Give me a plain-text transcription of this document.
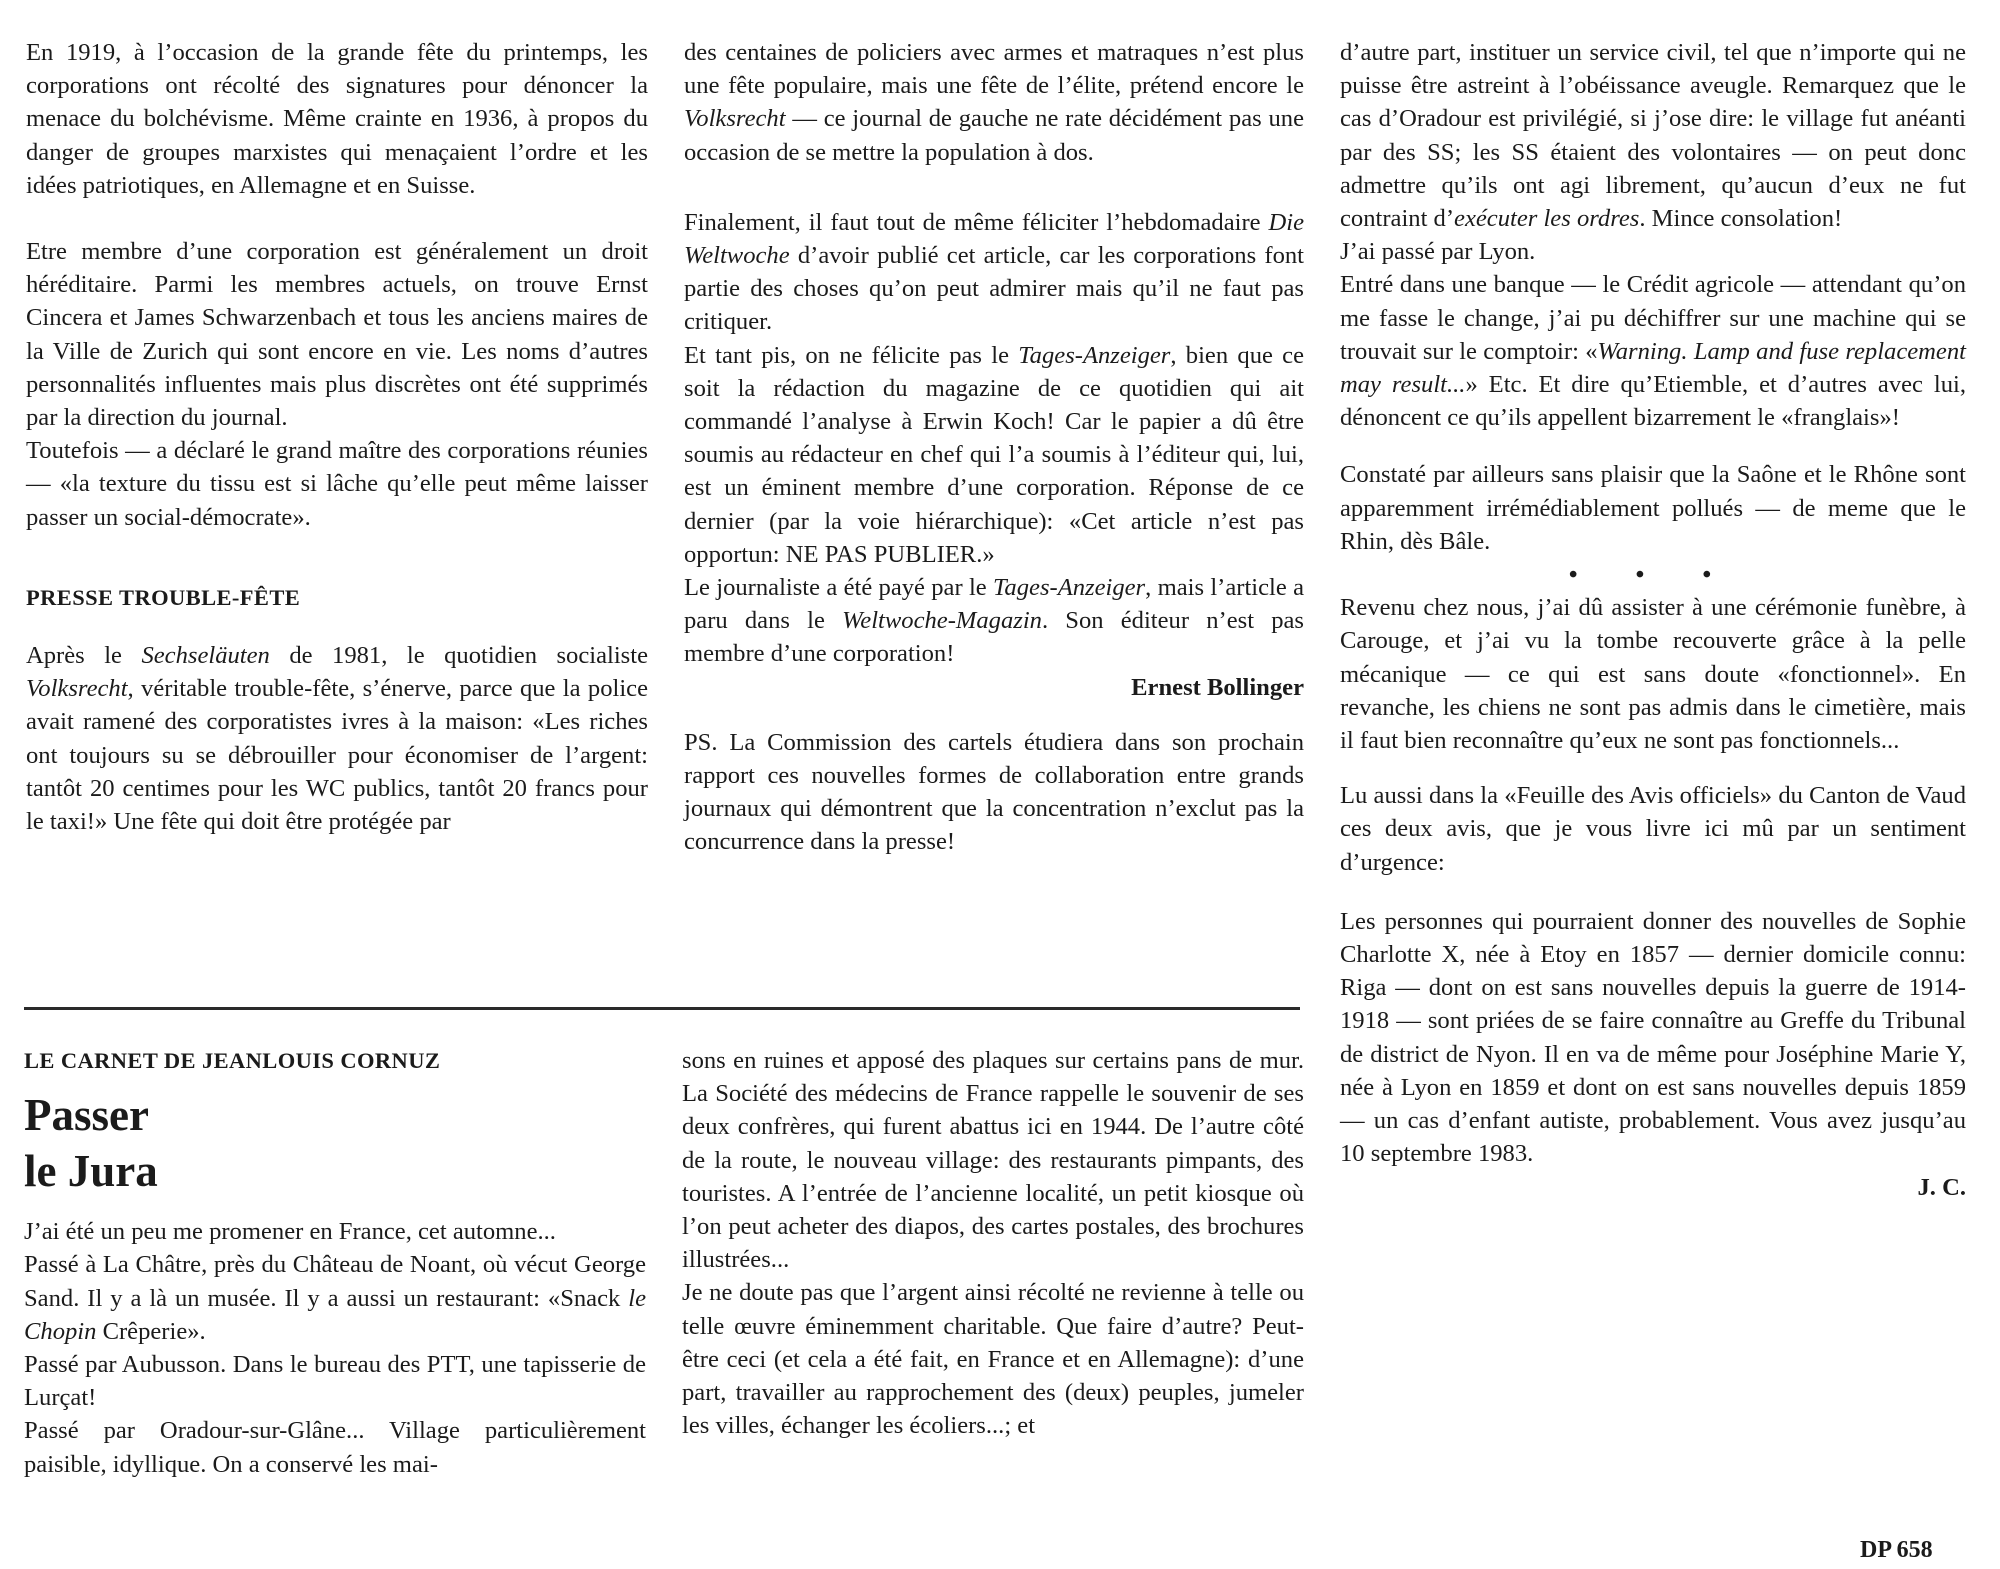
En 1919, à l’occasion de la grande fête du printemps, les corporations ont récolté des signatures pour dénoncer la menace du bolchévisme. Même crainte en 1936, à propos du danger de groupes marxistes qui menaçaient l’ordre et les idées patriotiques, en Allemagne et en Suisse.

Etre membre d’une corporation est généralement un droit héréditaire. Parmi les membres actuels, on trouve Ernst Cincera et James Schwarzenbach et tous les anciens maires de la Ville de Zurich qui sont encore en vie. Les noms d’autres personnalités influentes mais plus discrètes ont été supprimés par la direction du journal.

Toutefois — a déclaré le grand maître des corporations réunies — «la texture du tissu est si lâche qu’elle peut même laisser passer un social-démocrate».

PRESSE TROUBLE-FÊTE

Après le Sechseläuten de 1981, le quotidien socialiste Volksrecht, véritable trouble-fête, s’énerve, parce que la police avait ramené des corporatistes ivres à la maison: «Les riches ont toujours su se débrouiller pour économiser de l’argent: tantôt 20 centimes pour les WC publics, tantôt 20 francs pour le taxi!» Une fête qui doit être protégée par

des centaines de policiers avec armes et matraques n’est plus une fête populaire, mais une fête de l’élite, prétend encore le Volksrecht — ce journal de gauche ne rate décidément pas une occasion de se mettre la population à dos.

Finalement, il faut tout de même féliciter l’hebdomadaire Die Weltwoche d’avoir publié cet article, car les corporations font partie des choses qu’on peut admirer mais qu’il ne faut pas critiquer.

Et tant pis, on ne félicite pas le Tages-Anzeiger, bien que ce soit la rédaction du magazine de ce quotidien qui ait commandé l’analyse à Erwin Koch! Car le papier a dû être soumis au rédacteur en chef qui l’a soumis à l’éditeur qui, lui, est un éminent membre d’une corporation. Réponse de ce dernier (par la voie hiérarchique): «Cet article n’est pas opportun: NE PAS PUBLIER.»

Le journaliste a été payé par le Tages-Anzeiger, mais l’article a paru dans le Weltwoche-Magazin. Son éditeur n’est pas membre d’une corporation!

Ernest Bollinger

PS. La Commission des cartels étudiera dans son prochain rapport ces nouvelles formes de collaboration entre grands journaux qui démontrent que la concentration n’exclut pas la concurrence dans la presse!

LE CARNET DE JEANLOUIS CORNUZ

Passer
le Jura

J’ai été un peu me promener en France, cet automne...

Passé à La Châtre, près du Château de Noant, où vécut George Sand. Il y a là un musée. Il y a aussi un restaurant: «Snack le Chopin Crêperie».

Passé par Aubusson. Dans le bureau des PTT, une tapisserie de Lurçat!

Passé par Oradour-sur-Glâne... Village particulièrement paisible, idyllique. On a conservé les mai-

sons en ruines et apposé des plaques sur certains pans de mur. La Société des médecins de France rappelle le souvenir de ses deux confrères, qui furent abattus ici en 1944. De l’autre côté de la route, le nouveau village: des restaurants pimpants, des touristes. A l’entrée de l’ancienne localité, un petit kiosque où l’on peut acheter des diapos, des cartes postales, des brochures illustrées...

Je ne doute pas que l’argent ainsi récolté ne revienne à telle ou telle œuvre éminemment charitable. Que faire d’autre? Peut-être ceci (et cela a été fait, en France et en Allemagne): d’une part, travailler au rapprochement des (deux) peuples, jumeler les villes, échanger les écoliers...; et

d’autre part, instituer un service civil, tel que n’importe qui ne puisse être astreint à l’obéissance aveugle. Remarquez que le cas d’Oradour est privilégié, si j’ose dire: le village fut anéanti par des SS; les SS étaient des volontaires — on peut donc admettre qu’ils ont agi librement, qu’aucun d’eux ne fut contraint d’exécuter les ordres. Mince consolation!

J’ai passé par Lyon.

Entré dans une banque — le Crédit agricole — attendant qu’on me fasse le change, j’ai pu déchiffrer sur une machine qui se trouvait sur le comptoir: «Warning. Lamp and fuse replacement may result...» Etc. Et dire qu’Etiemble, et d’autres avec lui, dénoncent ce qu’ils appellent bizarrement le «franglais»!

Constaté par ailleurs sans plaisir que la Saône et le Rhône sont apparemment irrémédiablement pollués — de meme que le Rhin, dès Bâle.

• • •

Revenu chez nous, j’ai dû assister à une cérémonie funèbre, à Carouge, et j’ai vu la tombe recouverte grâce à la pelle mécanique — ce qui est sans doute «fonctionnel». En revanche, les chiens ne sont pas admis dans le cimetière, mais il faut bien reconnaître qu’eux ne sont pas fonctionnels...

Lu aussi dans la «Feuille des Avis officiels» du Canton de Vaud ces deux avis, que je vous livre ici mû par un sentiment d’urgence:

Les personnes qui pourraient donner des nouvelles de Sophie Charlotte X, née à Etoy en 1857 — dernier domicile connu: Riga — dont on est sans nouvelles depuis la guerre de 1914-1918 — sont priées de se faire connaître au Greffe du Tribunal de district de Nyon. Il en va de même pour Joséphine Marie Y, née à Lyon en 1859 et dont on est sans nouvelles depuis 1859 — un cas d’enfant autiste, probablement. Vous avez jusqu’au 10 septembre 1983.

J. C.

DP 658
